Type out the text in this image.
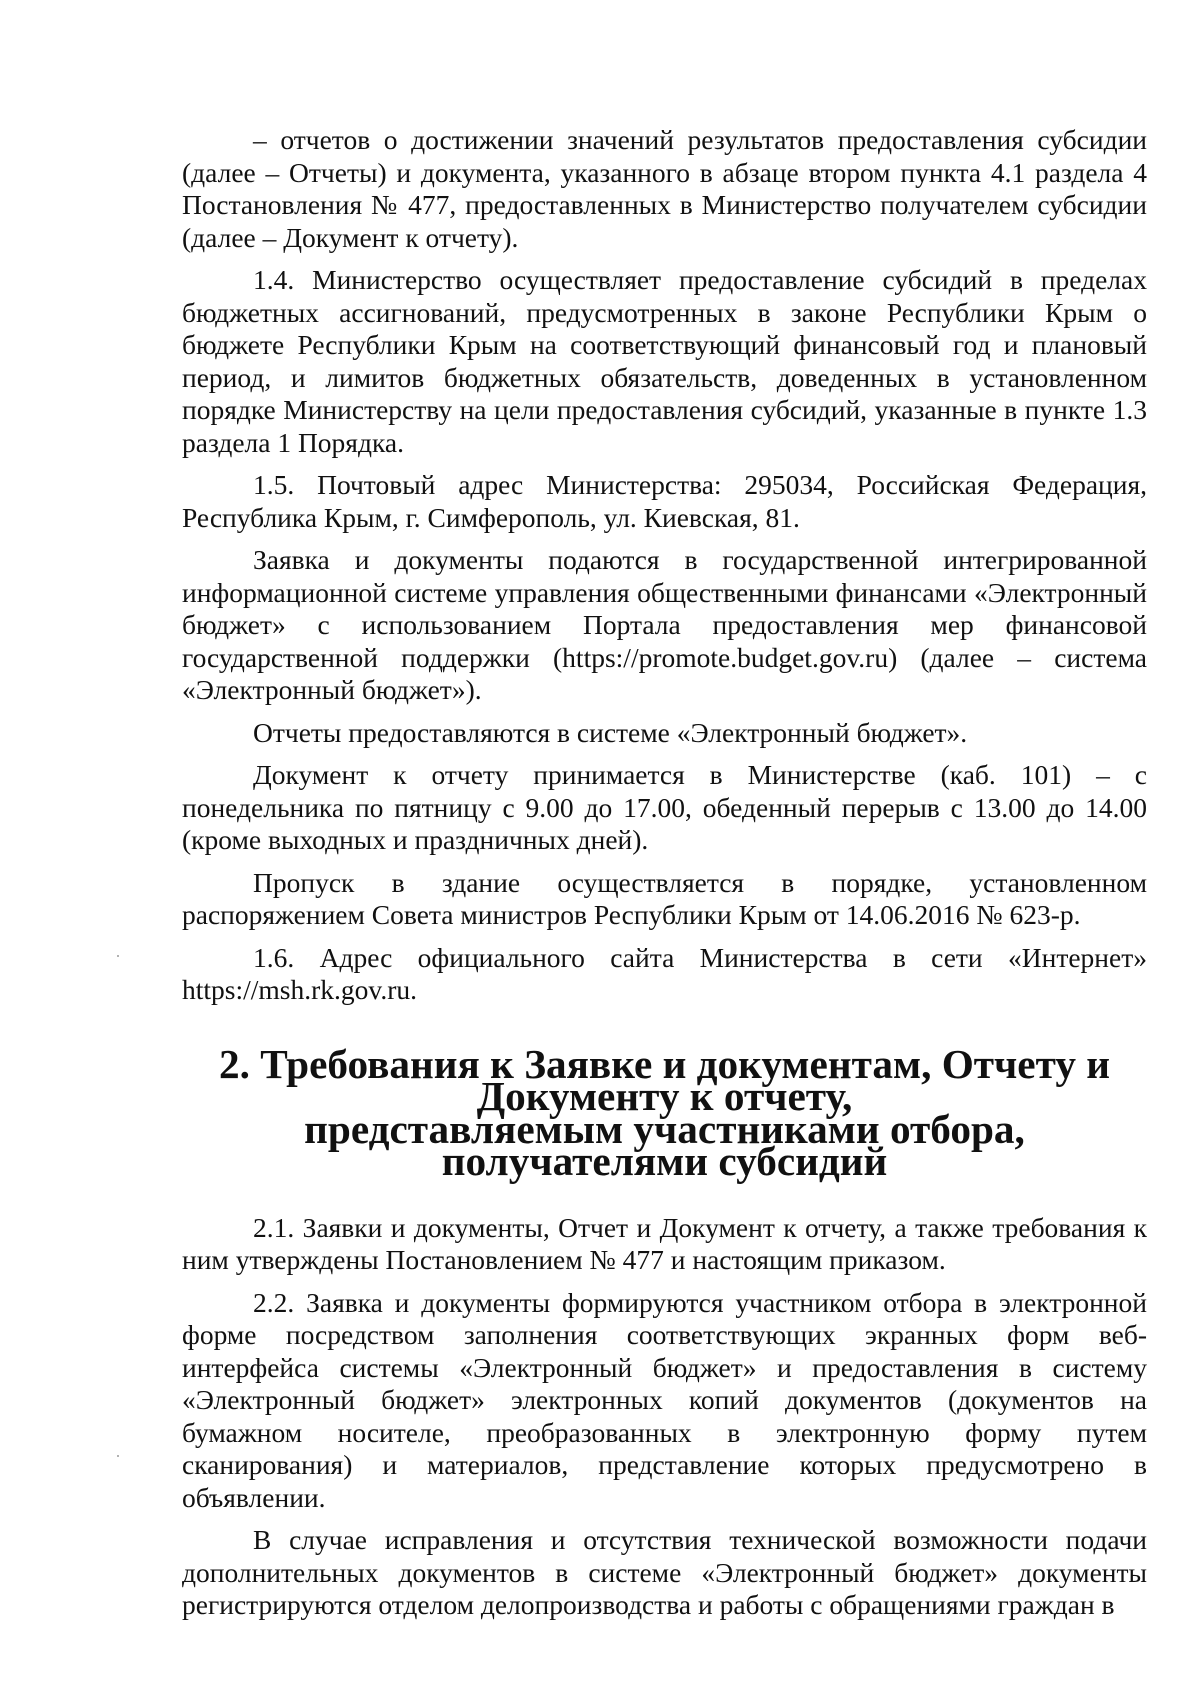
– отчетов о достижении значений результатов предоставления субсидии (далее – Отчеты) и документа, указанного в абзаце втором пункта 4.1 раздела 4 Постановления № 477, предоставленных в Министерство получателем субсидии (далее – Документ к отчету).

1.4. Министерство осуществляет предоставление субсидий в пределах бюджетных ассигнований, предусмотренных в законе Республики Крым о бюджете Республики Крым на соответствующий финансовый год и плановый период, и лимитов бюджетных обязательств, доведенных в установленном порядке Министерству на цели предоставления субсидий, указанные в пункте 1.3 раздела 1 Порядка.

1.5. Почтовый адрес Министерства: 295034, Российская Федерация, Республика Крым, г. Симферополь, ул. Киевская, 81.

Заявка и документы подаются в государственной интегрированной информационной системе управления общественными финансами «Электронный бюджет» с использованием Портала предоставления мер финансовой государственной поддержки (https://promote.budget.gov.ru) (далее – система «Электронный бюджет»).

Отчеты предоставляются в системе «Электронный бюджет».

Документ к отчету принимается в Министерстве (каб. 101) – с понедельника по пятницу с 9.00 до 17.00, обеденный перерыв с 13.00 до 14.00 (кроме выходных и праздничных дней).

Пропуск в здание осуществляется в порядке, установленном распоряжением Совета министров Республики Крым от 14.06.2016 № 623-р.

1.6. Адрес официального сайта Министерства в сети «Интернет» https://msh.rk.gov.ru.

2. Требования к Заявке и документам, Отчету и Документу к отчету,
представляемым участниками отбора, получателями субсидий

2.1. Заявки и документы, Отчет и Документ к отчету, а также требования к ним утверждены Постановлением № 477 и настоящим приказом.

2.2. Заявка и документы формируются участником отбора в электронной форме посредством заполнения соответствующих экранных форм веб-интерфейса системы «Электронный бюджет» и предоставления в систему «Электронный бюджет» электронных копий документов (документов на бумажном носителе, преобразованных в электронную форму путем сканирования) и материалов, представление которых предусмотрено в объявлении.

В случае исправления и отсутствия технической возможности подачи дополнительных документов в системе «Электронный бюджет» документы регистрируются отделом делопроизводства и работы с обращениями граждан в
